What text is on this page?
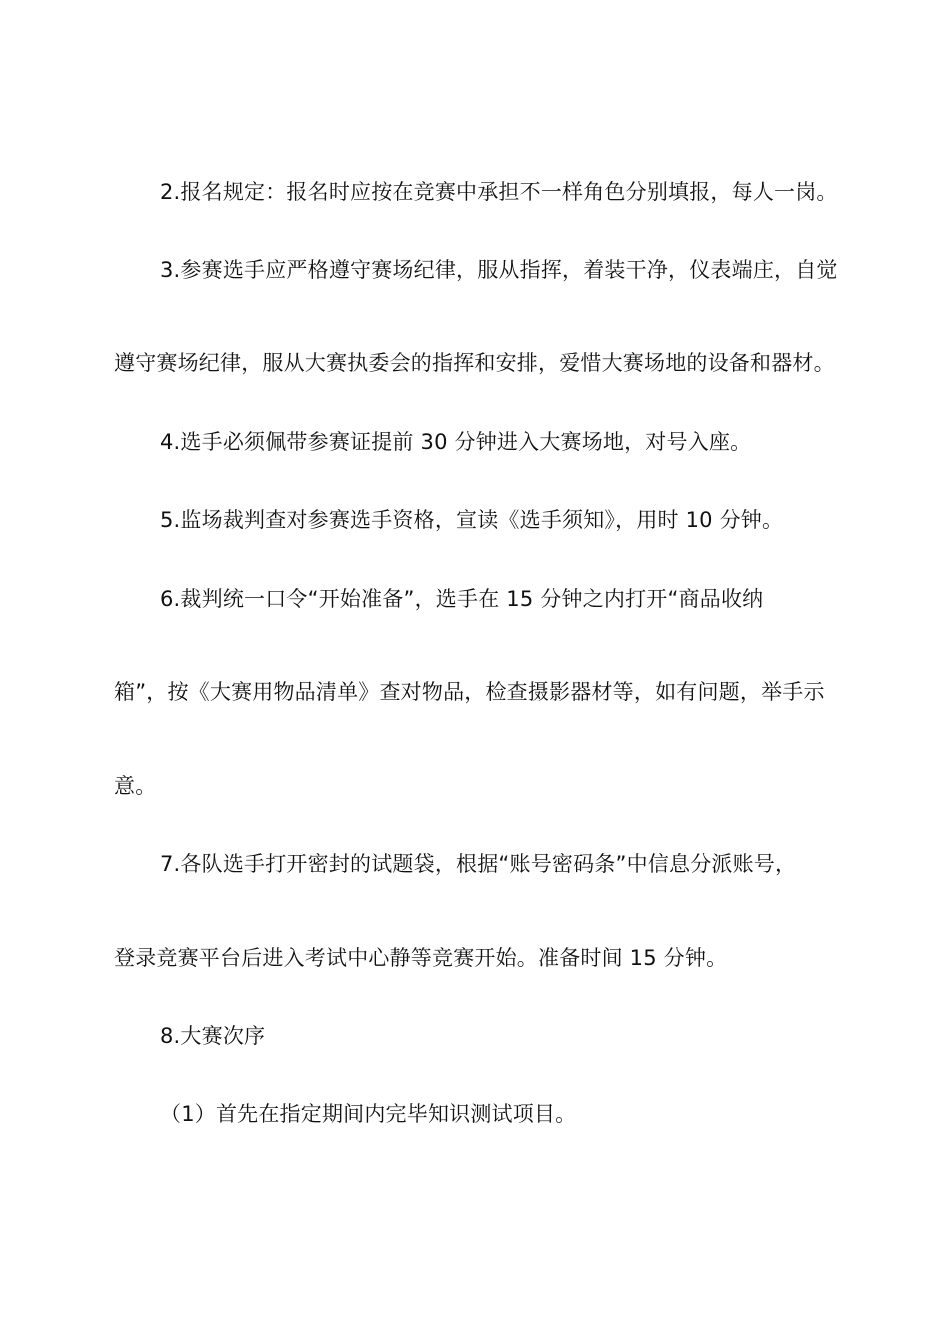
2.报名规定：报名时应按在竞赛中承担不一样角色分别填报，每人一岗。
3.参赛选手应严格遵守赛场纪律，服从指挥，着装干净，仪表端庄，自觉
遵守赛场纪律，服从大赛执委会的指挥和安排，爱惜大赛场地的设备和器材。
4.选手必须佩带参赛证提前 30 分钟进入大赛场地，对号入座。
5.监场裁判查对参赛选手资格，宣读《选手须知》，用时 10 分钟。
6.裁判统一口令“开始准备”，选手在 15 分钟之内打开“商品收纳
箱”，按《大赛用物品清单》查对物品，检查摄影器材等，如有问题，举手示
意。
7.各队选手打开密封的试题袋，根据“账号密码条”中信息分派账号，
登录竞赛平台后进入考试中心静等竞赛开始。准备时间 15 分钟。
8.大赛次序
（1）首先在指定期间内完毕知识测试项目。
